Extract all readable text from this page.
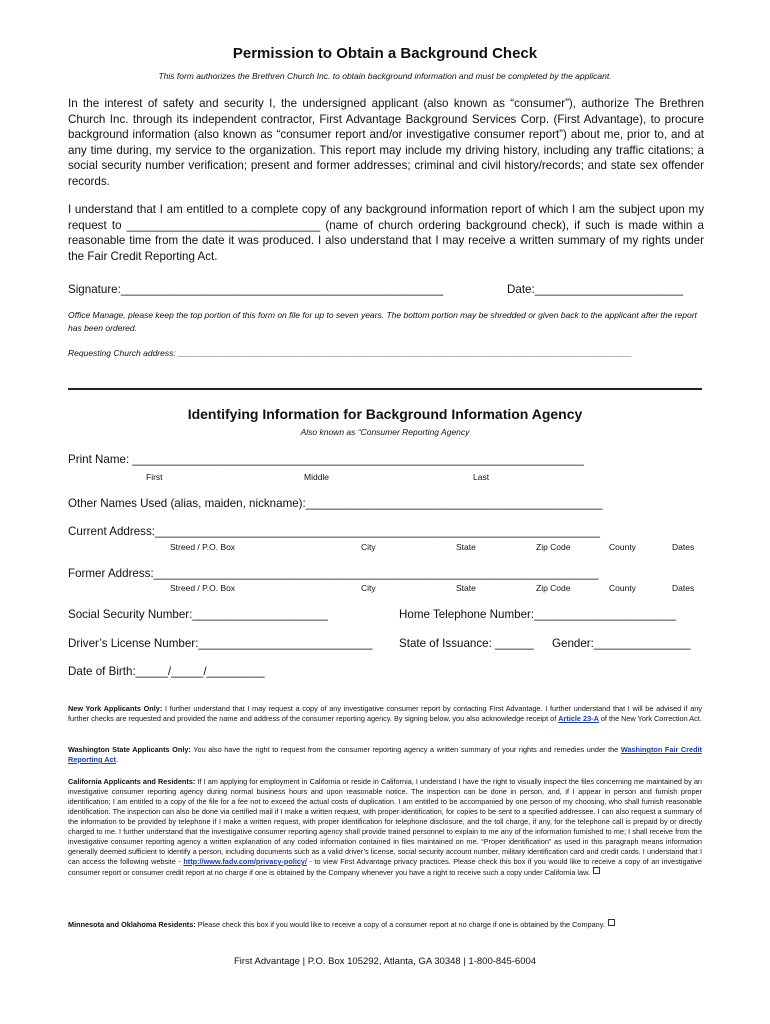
Permission to Obtain a Background Check
This form authorizes the Brethren Church Inc. to obtain background information and must be completed by the applicant.
In the interest of safety and security I, the undersigned applicant (also known as “consumer”), authorize The Brethren Church Inc. through its independent contractor, First Advantage Background Services Corp. (First Advantage), to procure background information (also known as “consumer report and/or investigative consumer report”) about me, prior to, and at any time during, my service to the organization. This report may include my driving history, including any traffic citations; a social security number verification; present and former addresses; criminal and civil history/records; and state sex offender records.
I understand that I am entitled to a complete copy of any background information report of which I am the subject upon my request to ______________________________ (name of church ordering background check), if such is made within a reasonable time from the date it was produced. I also understand that I may receive a written summary of my rights under the Fair Credit Reporting Act.
Signature:__________________________________________________	Date:_______________________
Office Manage, please keep the top portion of this form on file for up to seven years. The bottom portion may be shredded or given back to the applicant after the report has been ordered.
Requesting Church address: ________________________________________________________________________________________________
Identifying Information for Background Information Agency
Also known as “Consumer Reporting Agency
Print Name: ______________________________________________________________________
First	Middle	Last
Other Names Used (alias, maiden, nickname):______________________________________________
Current Address:_____________________________________________________________________
Streed / P.O. Box	City	State	Zip Code	County	Dates
Former Address:_____________________________________________________________________
Streed / P.O. Box	City	State	Zip Code	County	Dates
Social Security Number:_____________________	Home Telephone Number:______________________
Driver’s License Number:___________________________ State of Issuance: ______ Gender:_______________
Date of Birth:_____/_____/_________
New York Applicants Only: I further understand that I may request a copy of any investigative consumer report by contacting First Advantage. I further understand that I will be advised if any further checks are requested and provided the name and address of the consumer reporting agency. By signing below, you also acknowledge receipt of Article 23-A of the New York Correction Act.
Washington State Applicants Only: You also have the right to request from the consumer reporting agency a written summary of your rights and remedies under the Washington Fair Credit Reporting Act.
California Applicants and Residents: If I am applying for employment in California or reside in California, I understand I have the right to visually inspect the files concerning me maintained by an investigative consumer reporting agency during normal business hours and upon reasonable notice. The inspection can be done in person, and, if I appear in person and furnish proper identification; I am entitled to a copy of the file for a fee not to exceed the actual costs of duplication. I am entitled to be accompanied by one person of my choosing, who shall furnish reasonable identification. The inspection can also be done via certified mail if I make a written request, with proper identification, for copies to be sent to a specified addressee. I can also request a summary of the information to be provided by telephone if I make a written request, with proper identification for telephone disclosure, and the toll charge, if any, for the telephone call is prepaid by or directly charged to me. I further understand that the investigative consumer reporting agency shall provide trained personnel to explain to me any of the information furnished to me; I shall receive from the investigative consumer reporting agency a written explanation of any coded information contained in files maintained on me. “Proper identification” as used in this paragraph means information generally deemed sufficient to identify a person, including documents such as a valid driver’s license, social security account number, military identification card and credit cards. I understand that I can access the following website - http://www.fadv.com/privacy-policy/ - to view First Advantage privacy practices. Please check this box if you would like to receive a copy of an investigative consumer report or consumer credit report at no charge if one is obtained by the Company whenever you have a right to receive such a copy under California law.
Minnesota and Oklahoma Residents: Please check this box if you would like to receive a copy of a consumer report at no charge if one is obtained by the Company.
First Advantage | P.O. Box 105292, Atlanta, GA 30348 | 1-800-845-6004
